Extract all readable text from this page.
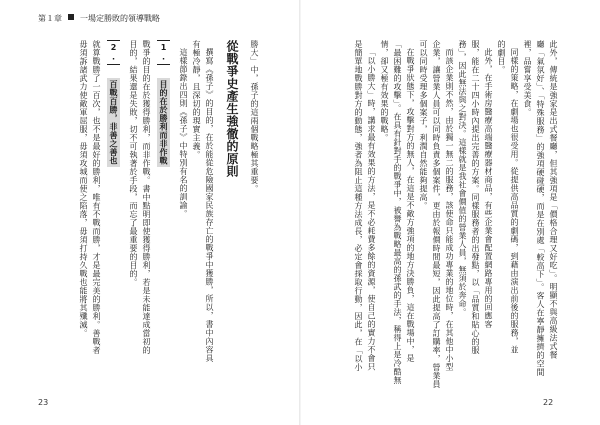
第１章 一場定勝敗的領導戰略
此外，傳統是強家是出式餐廳，但其強項是「價格合理又好吃」。明顯不與高級法式餐
廳「氣氛好」、「特殊服務」的強項硬碰硬，而是在別處「較高下」。客人在寧靜擁擠的空間
裡，品嘗享受美食。
同樣的策略，在劇場也很受用。從提供高品質的劇碼，到藉由演出前後的服務，並
的劇目。
此外，在手術房醫療高端醫療器材商品，有些企業會配置網路專用的回應客
服，能在二十四小時內提出完善的方案。同樣服務者的出發點，以「品質和貼心的服
務」，因此無法與之對決。這樣就是我社會價值的營業人員，無須於奔命。
而該企業則不然，由於獨一無二的服務，該使命只能成功專業的地位時，在其他中小型
企業，讓營業人員可以同時負責多個案件，更由於報價時間最短，因此提高了訂購率，營業員
可以同時受理多個案子，利潤自然能夠提高。
在戰爭狀態下，攻擊對方的無人，在這是不敵方強項的地方決勝負，這在戰場中，是
「最困難的攻擊」。在具有針對手的戰爭中，被譽為戰略最高的孫武的手法，稱得上是冷酷無
情，卻又極有效果的戰略。
「以小勝大」時，講求最有效果的方法，是不必耗費多餘的資源，使自己的實力不會只
是簡單地戰勝對方的動態，強者為阻止這種方法成長，必定會採取行動，因此，在「以小
勝大」中，孫子的這兩個戰略極其重要。
從戰爭史產生強徹的原則
撰寫《孫子》的目的，在於能從危險國家民族存亡的戰爭中獲勝，所以，書中內容具
有極冷靜，且深切的現實主義。
這樣節錄出四則《孫子》中特別有名的訓諭。
1. 目的在於勝利而非作戰
戰爭的目的在於獲得勝利，而非作戰。書中點明即使獲得勝利，若是未能達成當初的
目的，結果還是失敗，切不可執著於手段，而忘了最重要的目的。
2. 百戰百勝，非善之善也
就算戰勝了一百次，也不是最好的勝利，唯有不戰而勝，才是最完美的勝利。善戰者
毋須訴諸武力使敵軍屈服，毋須攻城而使之陷落，毋須打持久戰也能將其殲滅。
23	22
